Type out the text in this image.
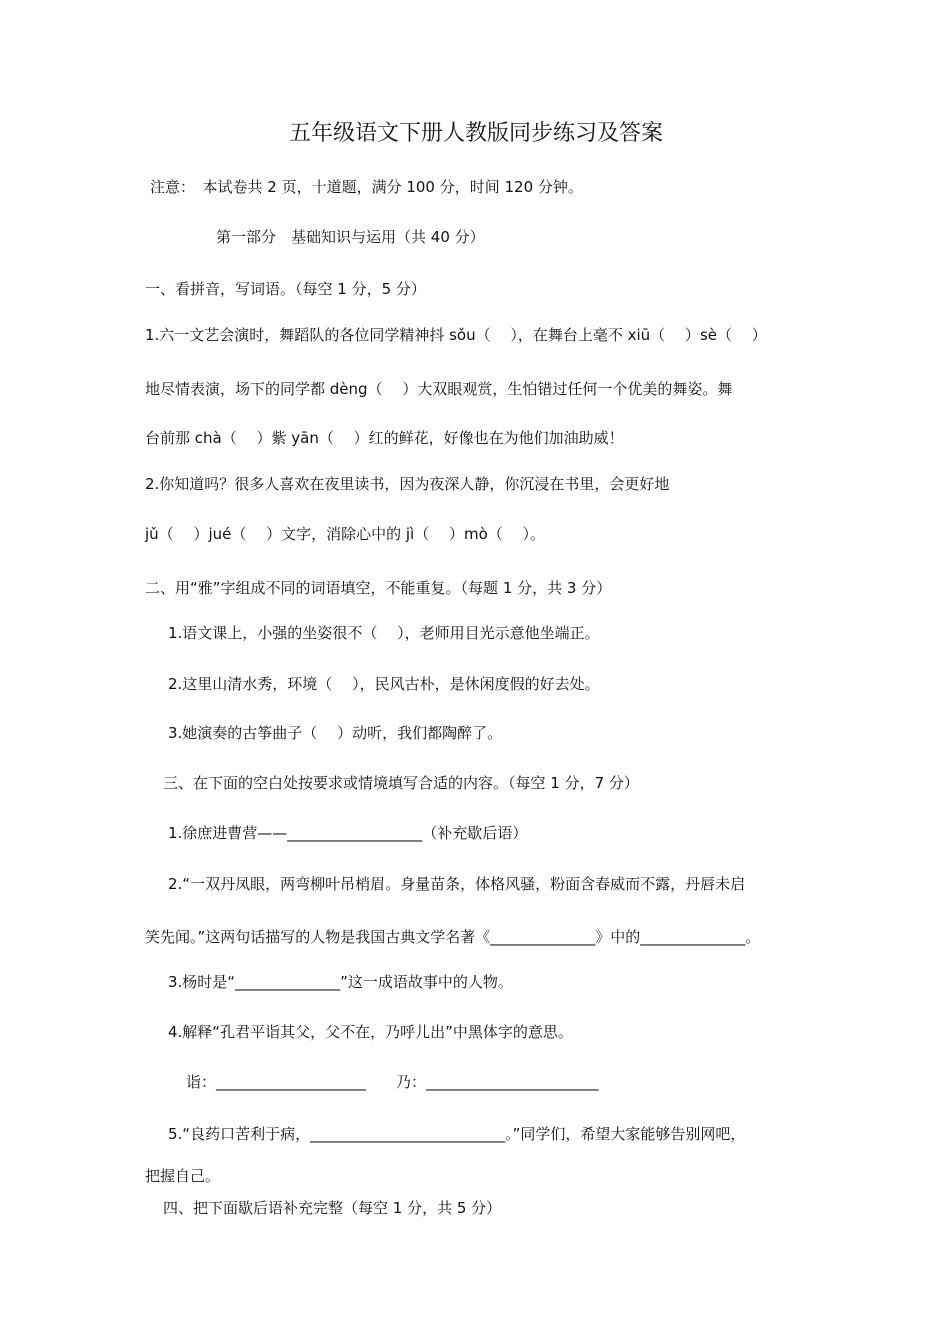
五年级语文下册人教版同步练习及答案
注意：　本试卷共 2 页，十道题，满分 100 分，时间 120 分钟。
第一部分　基础知识与运用（共 40 分）
一、看拼音，写词语。（每空 1 分，5 分）
1.六一文艺会演时，舞蹈队的各位同学精神抖 sǒu（　 ），在舞台上毫不 xiū（　 ）sè（　 ）
地尽情表演，场下的同学都 dèng（　 ）大双眼观赏，生怕错过任何一个优美的舞姿。舞
台前那 chà（　 ）紫 yān（　 ）红的鲜花，好像也在为他们加油助威！
2.你知道吗？很多人喜欢在夜里读书，因为夜深人静，你沉浸在书里，会更好地
jǔ（　 ）jué（　 ）文字，消除心中的 jì（　 ）mò（　 ）。
二、用“雅”字组成不同的词语填空，不能重复。（每题 1 分，共 3 分）
1.语文课上，小强的坐姿很不（　 ），老师用目光示意他坐端正。
2.这里山清水秀，环境（　 ），民风古朴，是休闲度假的好去处。
3.她演奏的古筝曲子（　 ）动听，我们都陶醉了。
三、在下面的空白处按要求或情境填写合适的内容。（每空 1 分，7 分）
1.徐庶进曹营——__________________（补充歇后语）
2.“一双丹凤眼，两弯柳叶吊梢眉。身量苗条，体格风骚，粉面含春威而不露，丹唇未启
笑先闻。”这两句话描写的人物是我国古典文学名著《______________》中的______________。
3.杨时是“______________”这一成语故事中的人物。
4.解释“孔君平诣其父，父不在，乃呼儿出”中黑体字的意思。
诣：____________________　　乃：_______________________
5.“良药口苦利于病，__________________________。”同学们，希望大家能够告别网吧，
把握自己。
四、把下面歇后语补充完整（每空 1 分，共 5 分）
